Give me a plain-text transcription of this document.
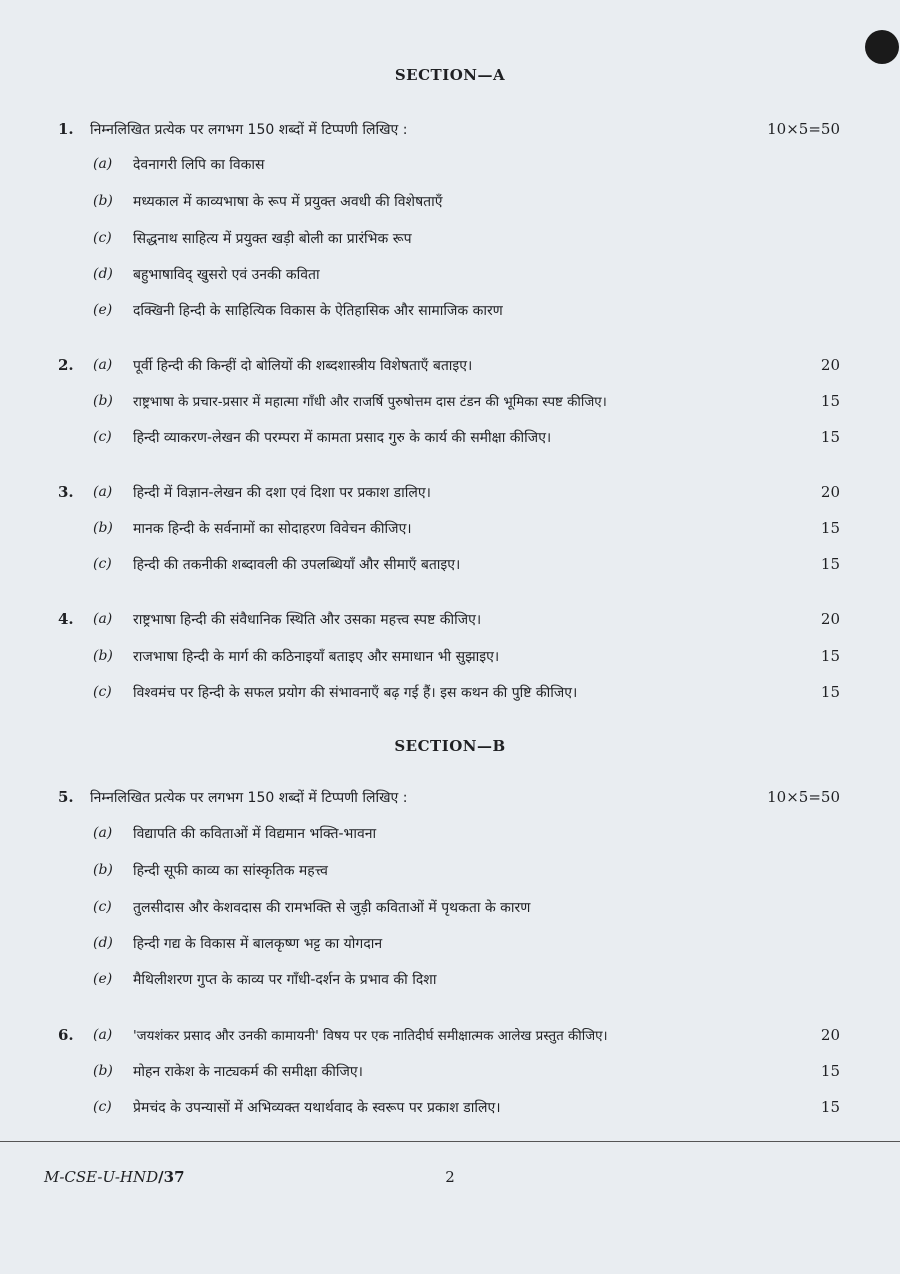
SECTION—A
1. निम्नलिखित प्रत्येक पर लगभग 150 शब्दों में टिप्पणी लिखिए :	10×5=50
(a) देवनागरी लिपि का विकास
(b) मध्यकाल में काव्यभाषा के रूप में प्रयुक्त अवधी की विशेषताएँ
(c) सिद्धनाथ साहित्य में प्रयुक्त खड़ी बोली का प्रारंभिक रूप
(d) बहुभाषाविद् खुसरो एवं उनकी कविता
(e) दक्खिनी हिन्दी के साहित्यिक विकास के ऐतिहासिक और सामाजिक कारण
2. (a) पूर्वी हिन्दी की किन्हीं दो बोलियों की शब्दशास्त्रीय विशेषताएँ बताइए।	20
(b) राष्ट्रभाषा के प्रचार-प्रसार में महात्मा गाँधी और राजर्षि पुरुषोत्तम दास टंडन की भूमिका स्पष्ट कीजिए।	15
(c) हिन्दी व्याकरण-लेखन की परम्परा में कामता प्रसाद गुरु के कार्य की समीक्षा कीजिए।	15
3. (a) हिन्दी में विज्ञान-लेखन की दशा एवं दिशा पर प्रकाश डालिए।	20
(b) मानक हिन्दी के सर्वनामों का सोदाहरण विवेचन कीजिए।	15
(c) हिन्दी की तकनीकी शब्दावली की उपलब्धियाँ और सीमाएँ बताइए।	15
4. (a) राष्ट्रभाषा हिन्दी की संवैधानिक स्थिति और उसका महत्त्व स्पष्ट कीजिए।	20
(b) राजभाषा हिन्दी के मार्ग की कठिनाइयाँ बताइए और समाधान भी सुझाइए।	15
(c) विश्वमंच पर हिन्दी के सफल प्रयोग की संभावनाएँ बढ़ गई हैं। इस कथन की पुष्टि कीजिए।	15
SECTION—B
5. निम्नलिखित प्रत्येक पर लगभग 150 शब्दों में टिप्पणी लिखिए :	10×5=50
(a) विद्यापति की कविताओं में विद्यमान भक्ति-भावना
(b) हिन्दी सूफी काव्य का सांस्कृतिक महत्त्व
(c) तुलसीदास और केशवदास की रामभक्ति से जुड़ी कविताओं में पृथकता के कारण
(d) हिन्दी गद्य के विकास में बालकृष्ण भट्ट का योगदान
(e) मैथिलीशरण गुप्त के काव्य पर गाँधी-दर्शन के प्रभाव की दिशा
6. (a) 'जयशंकर प्रसाद और उनकी कामायनी' विषय पर एक नातिदीर्घ समीक्षात्मक आलेख प्रस्तुत कीजिए।	20
(b) मोहन राकेश के नाट्यकर्म की समीक्षा कीजिए।	15
(c) प्रेमचंद के उपन्यासों में अभिव्यक्त यथार्थवाद के स्वरूप पर प्रकाश डालिए।	15
M-CSE-U-HND/37	2
